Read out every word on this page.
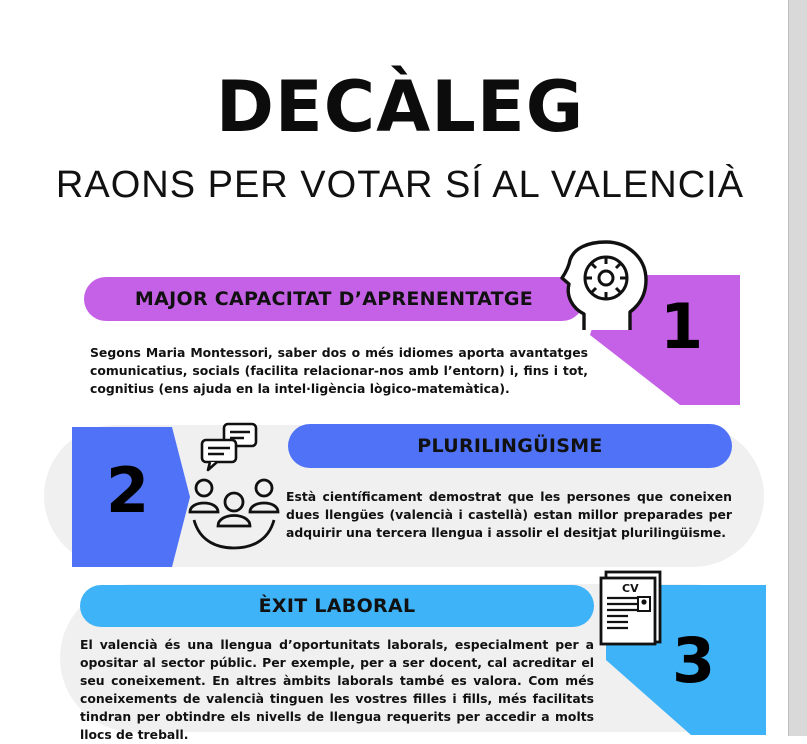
DECÀLEG
RAONS PER VOTAR SÍ AL VALENCIÀ
MAJOR CAPACITAT D’APRENENTATGE 1
Segons Maria Montessori, saber dos o més idiomes aporta avantatges comunicatius, socials (facilita relacionar-nos amb l’entorn) i, fins i tot, cognitius (ens ajuda en la intel·ligència lògico-matemàtica).
2
PLURILINGÜISME
Està científicament demostrat que les persones que coneixen dues llengües (valencià i castellà) estan millor preparades per adquirir una tercera llengua i assolir el desitjat plurilingüisme.
3
ÈXIT LABORAL
El valencià és una llengua d’oportunitats laborals, especialment per a opositar al sector públic. Per exemple, per a ser docent, cal acreditar el seu coneixement. En altres àmbits laborals també es valora. Com més coneixements de valencià tinguen les vostres filles i fills, més facilitats tindran per obtindre els nivells de llengua requerits per accedir a molts llocs de treball.
CV
